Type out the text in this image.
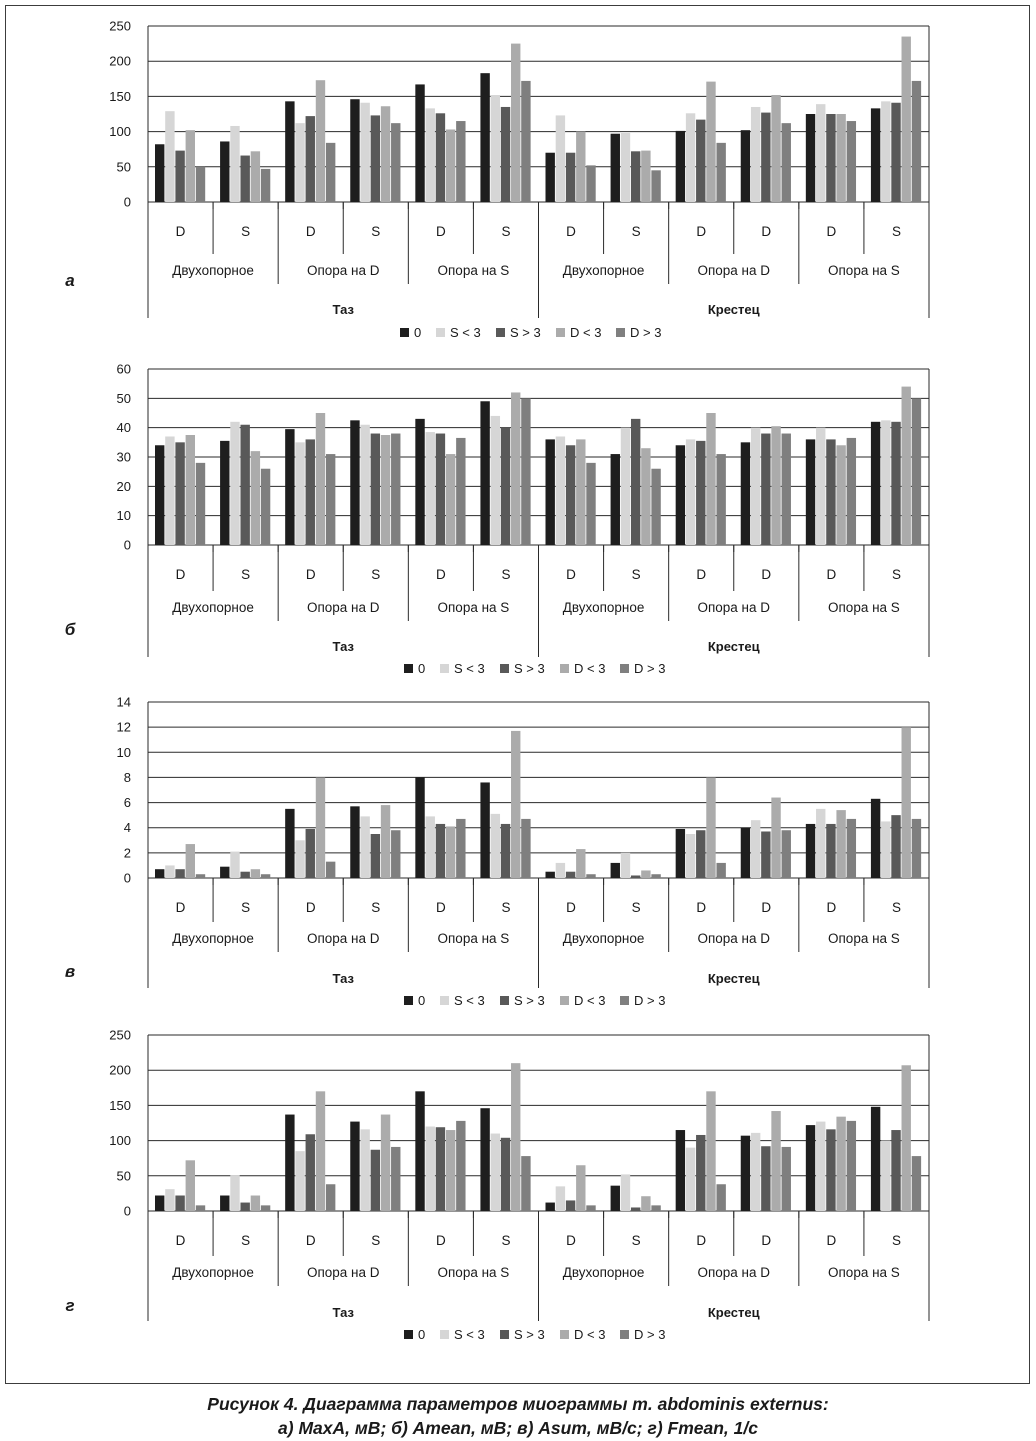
0
50
100
150
200
250
D	S	D	S	D	S	D	S	D	D	D	S
Двухопорное	Опора на D	Опора на S	Двухопорное	Опора на D	Опора на S
Таз	Крестец
а
0 S < 3 S > 3 D < 3 D > 3
0
10
20
30
40
50
60
D	S	D	S	D	S	D	S	D	D	D	S
Двухопорное	Опора на D	Опора на S	Двухопорное	Опора на D	Опора на S
Таз	Крестец
б
0 S < 3 S > 3 D < 3 D > 3
0
2
4
6
8
10
12
14
D	S	D	S	D	S	D	S	D	D	D	S
Двухопорное	Опора на D	Опора на S	Двухопорное	Опора на D	Опора на S
Таз	Крестец
в
0 S < 3 S > 3 D < 3 D > 3
0
50
100
150
200
250
D	S	D	S	D	S	D	S	D	D	D	S
Двухопорное	Опора на D	Опора на S	Двухопорное	Опора на D	Опора на S
Таз	Крестец
г
0 S < 3 S > 3 D < 3 D > 3
Рисунок 4. Диаграмма параметров миограммы m. abdominis externus:
а) MaxA, мВ; б) Amean, мВ; в) Asum, мВ/с; г) Fmean, 1/с
